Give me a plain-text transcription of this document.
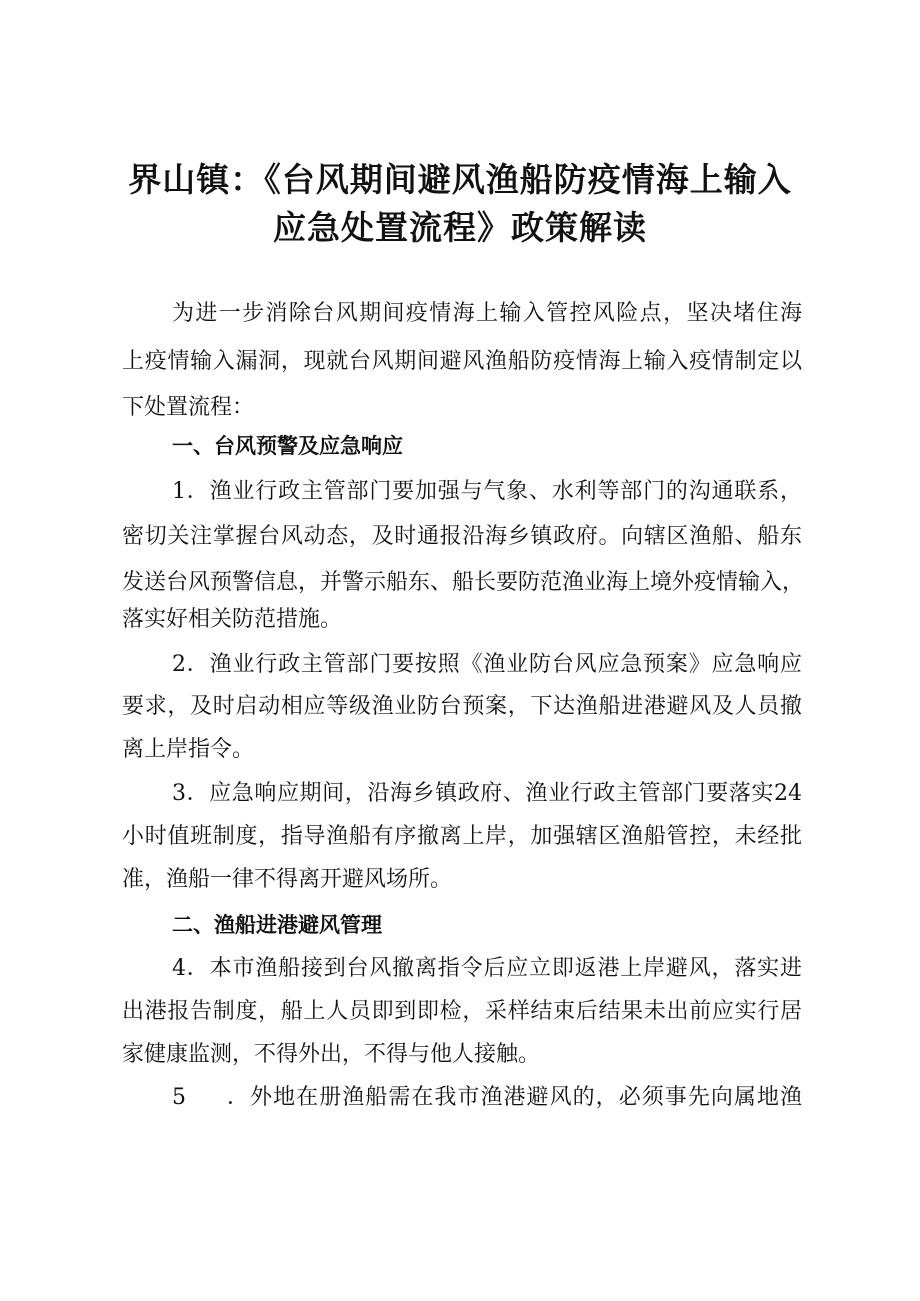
界山镇：《台风期间避风渔船防疫情海上输入
应急处置流程》政策解读
为进一步消除台风期间疫情海上输入管控风险点，坚决堵住海
上疫情输入漏洞，现就台风期间避风渔船防疫情海上输入疫情制定以
下处置流程：
一、台风预警及应急响应
1．渔业行政主管部门要加强与气象、水利等部门的沟通联系，
密切关注掌握台风动态，及时通报沿海乡镇政府。向辖区渔船、船东
发送台风预警信息，并警示船东、船长要防范渔业海上境外疫情输入，
落实好相关防范措施。
2．渔业行政主管部门要按照《渔业防台风应急预案》应急响应
要求，及时启动相应等级渔业防台预案，下达渔船进港避风及人员撤
离上岸指令。
3．应急响应期间，沿海乡镇政府、渔业行政主管部门要落实24
小时值班制度，指导渔船有序撤离上岸，加强辖区渔船管控，未经批
准，渔船一律不得离开避风场所。
二、渔船进港避风管理
4．本市渔船接到台风撤离指令后应立即返港上岸避风，落实进
出港报告制度，船上人员即到即检，采样结束后结果未出前应实行居
家健康监测，不得外出，不得与他人接触。
5 ．外地在册渔船需在我市渔港避风的，必须事先向属地渔
